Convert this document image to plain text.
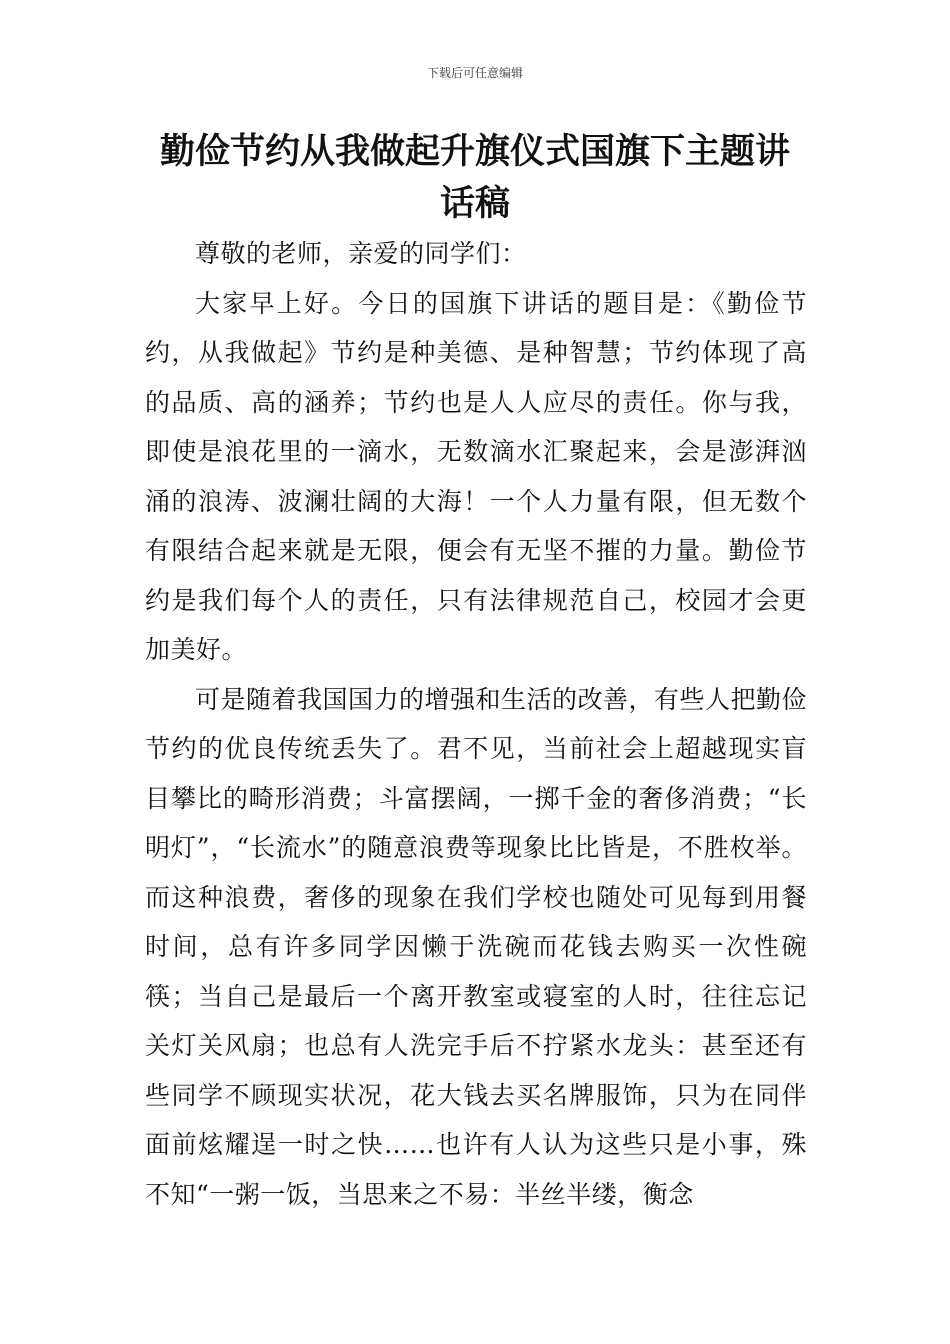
下载后可任意编辑
勤俭节约从我做起升旗仪式国旗下主题讲
话稿

尊敬的老师，亲爱的同学们：

大家早上好。今日的国旗下讲话的题目是：《勤俭节约，从我做起》节约是种美德、是种智慧；节约体现了高的品质、高的涵养；节约也是人人应尽的责任。你与我，即使是浪花里的一滴水，无数滴水汇聚起来，会是澎湃汹涌的浪涛、波澜壮阔的大海！一个人力量有限，但无数个有限结合起来就是无限，便会有无坚不摧的力量。勤俭节约是我们每个人的责任，只有法律规范自己，校园才会更加美好。

可是随着我国国力的增强和生活的改善，有些人把勤俭节约的优良传统丢失了。君不见，当前社会上超越现实盲目攀比的畸形消费；斗富摆阔，一掷千金的奢侈消费；“长明灯”，“长流水”的随意浪费等现象比比皆是，不胜枚举。而这种浪费，奢侈的现象在我们学校也随处可见每到用餐时间，总有许多同学因懒于洗碗而花钱去购买一次性碗筷；当自己是最后一个离开教室或寝室的人时，往往忘记关灯关风扇；也总有人洗完手后不拧紧水龙头：甚至还有些同学不顾现实状况，花大钱去买名牌服饰，只为在同伴面前炫耀逞一时之快……也许有人认为这些只是小事，殊不知“一粥一饭，当思来之不易：半丝半缕，衡念
